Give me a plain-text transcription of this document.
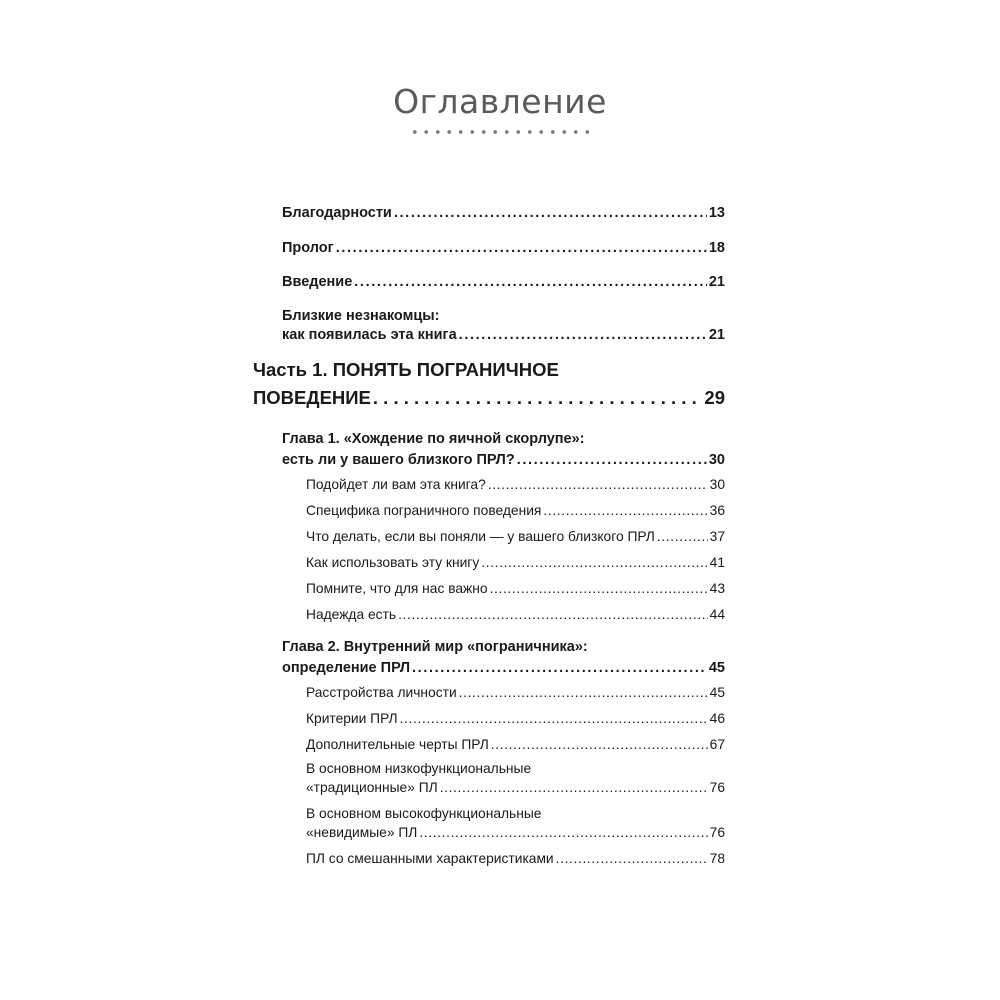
Оглавление
Благодарности . . .	13
Пролог . . .	18
Введение . . .	21
Близкие незнакомцы:
как появилась эта книга . . .	21
Часть 1. ПОНЯТЬ ПОГРАНИЧНОЕ
ПОВЕДЕНИЕ . . .	29
Глава 1. «Хождение по яичной скорлупе»:
есть ли у вашего близкого ПРЛ? . . .	30
Подойдет ли вам эта книга? . . .	30
Специфика пограничного поведения . . .	36
Что делать, если вы поняли — у вашего близкого ПРЛ . . .	37
Как использовать эту книгу . . .	41
Помните, что для нас важно . . .	43
Надежда есть . . .	44
Глава 2. Внутренний мир «пограничника»:
определение ПРЛ . . .	45
Расстройства личности . . .	45
Критерии ПРЛ . . .	46
Дополнительные черты ПРЛ . . .	67
В основном низкофункциональные
«традиционные» ПЛ . . .	76
В основном высокофункциональные
«невидимые» ПЛ . . .	76
ПЛ со смешанными характеристиками . . .	78
